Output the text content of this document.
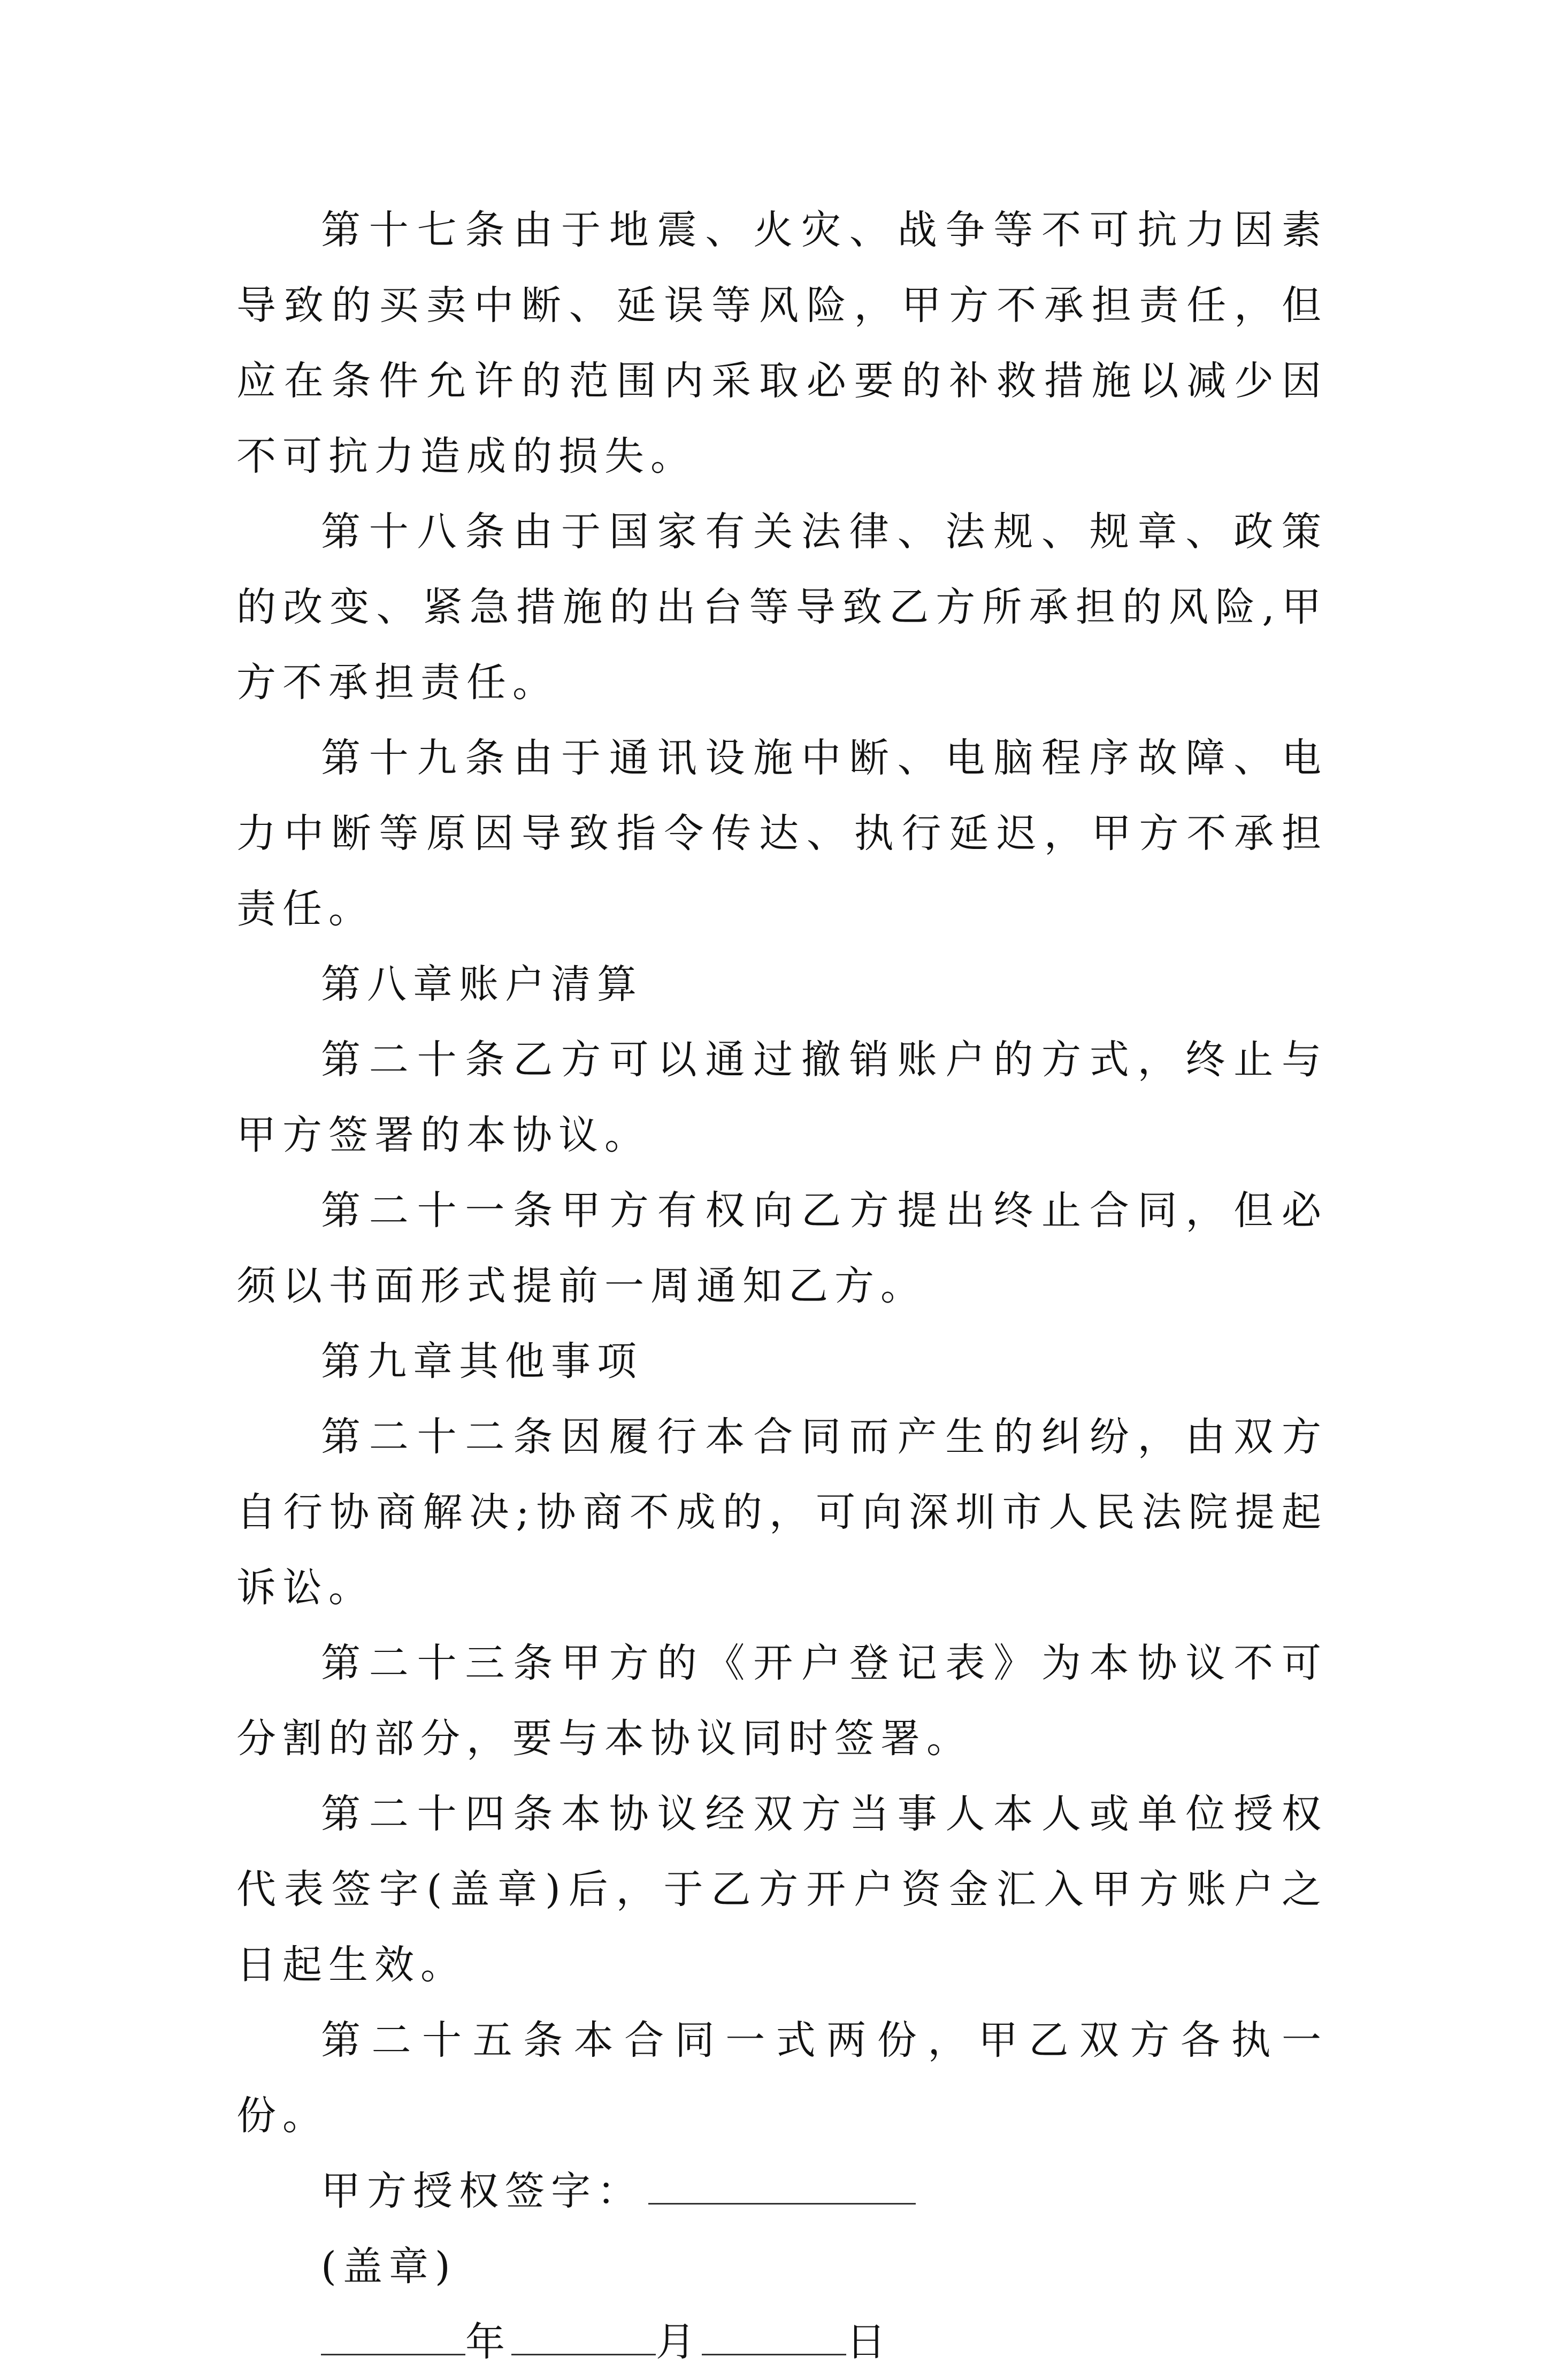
第十七条由于地震、火灾、战争等不可抗力因素导致的买卖中断、延误等风险，甲方不承担责任，但应在条件允许的范围内采取必要的补救措施以减少因不可抗力造成的损失。

第十八条由于国家有关法律、法规、规章、政策的改变、紧急措施的出台等导致乙方所承担的风险,甲方不承担责任。

第十九条由于通讯设施中断、电脑程序故障、电力中断等原因导致指令传达、执行延迟，甲方不承担责任。

第八章账户清算

第二十条乙方可以通过撤销账户的方式，终止与甲方签署的本协议。

第二十一条甲方有权向乙方提出终止合同，但必须以书面形式提前一周通知乙方。

第九章其他事项

第二十二条因履行本合同而产生的纠纷，由双方自行协商解决;协商不成的，可向深圳市人民法院提起诉讼。

第二十三条甲方的《开户登记表》为本协议不可分割的部分，要与本协议同时签署。

第二十四条本协议经双方当事人本人或单位授权代表签字(盖章)后，于乙方开户资金汇入甲方账户之日起生效。

第二十五条本合同一式两份，甲乙双方各执一份。

甲方授权签字：

(盖章)

年	月	日
